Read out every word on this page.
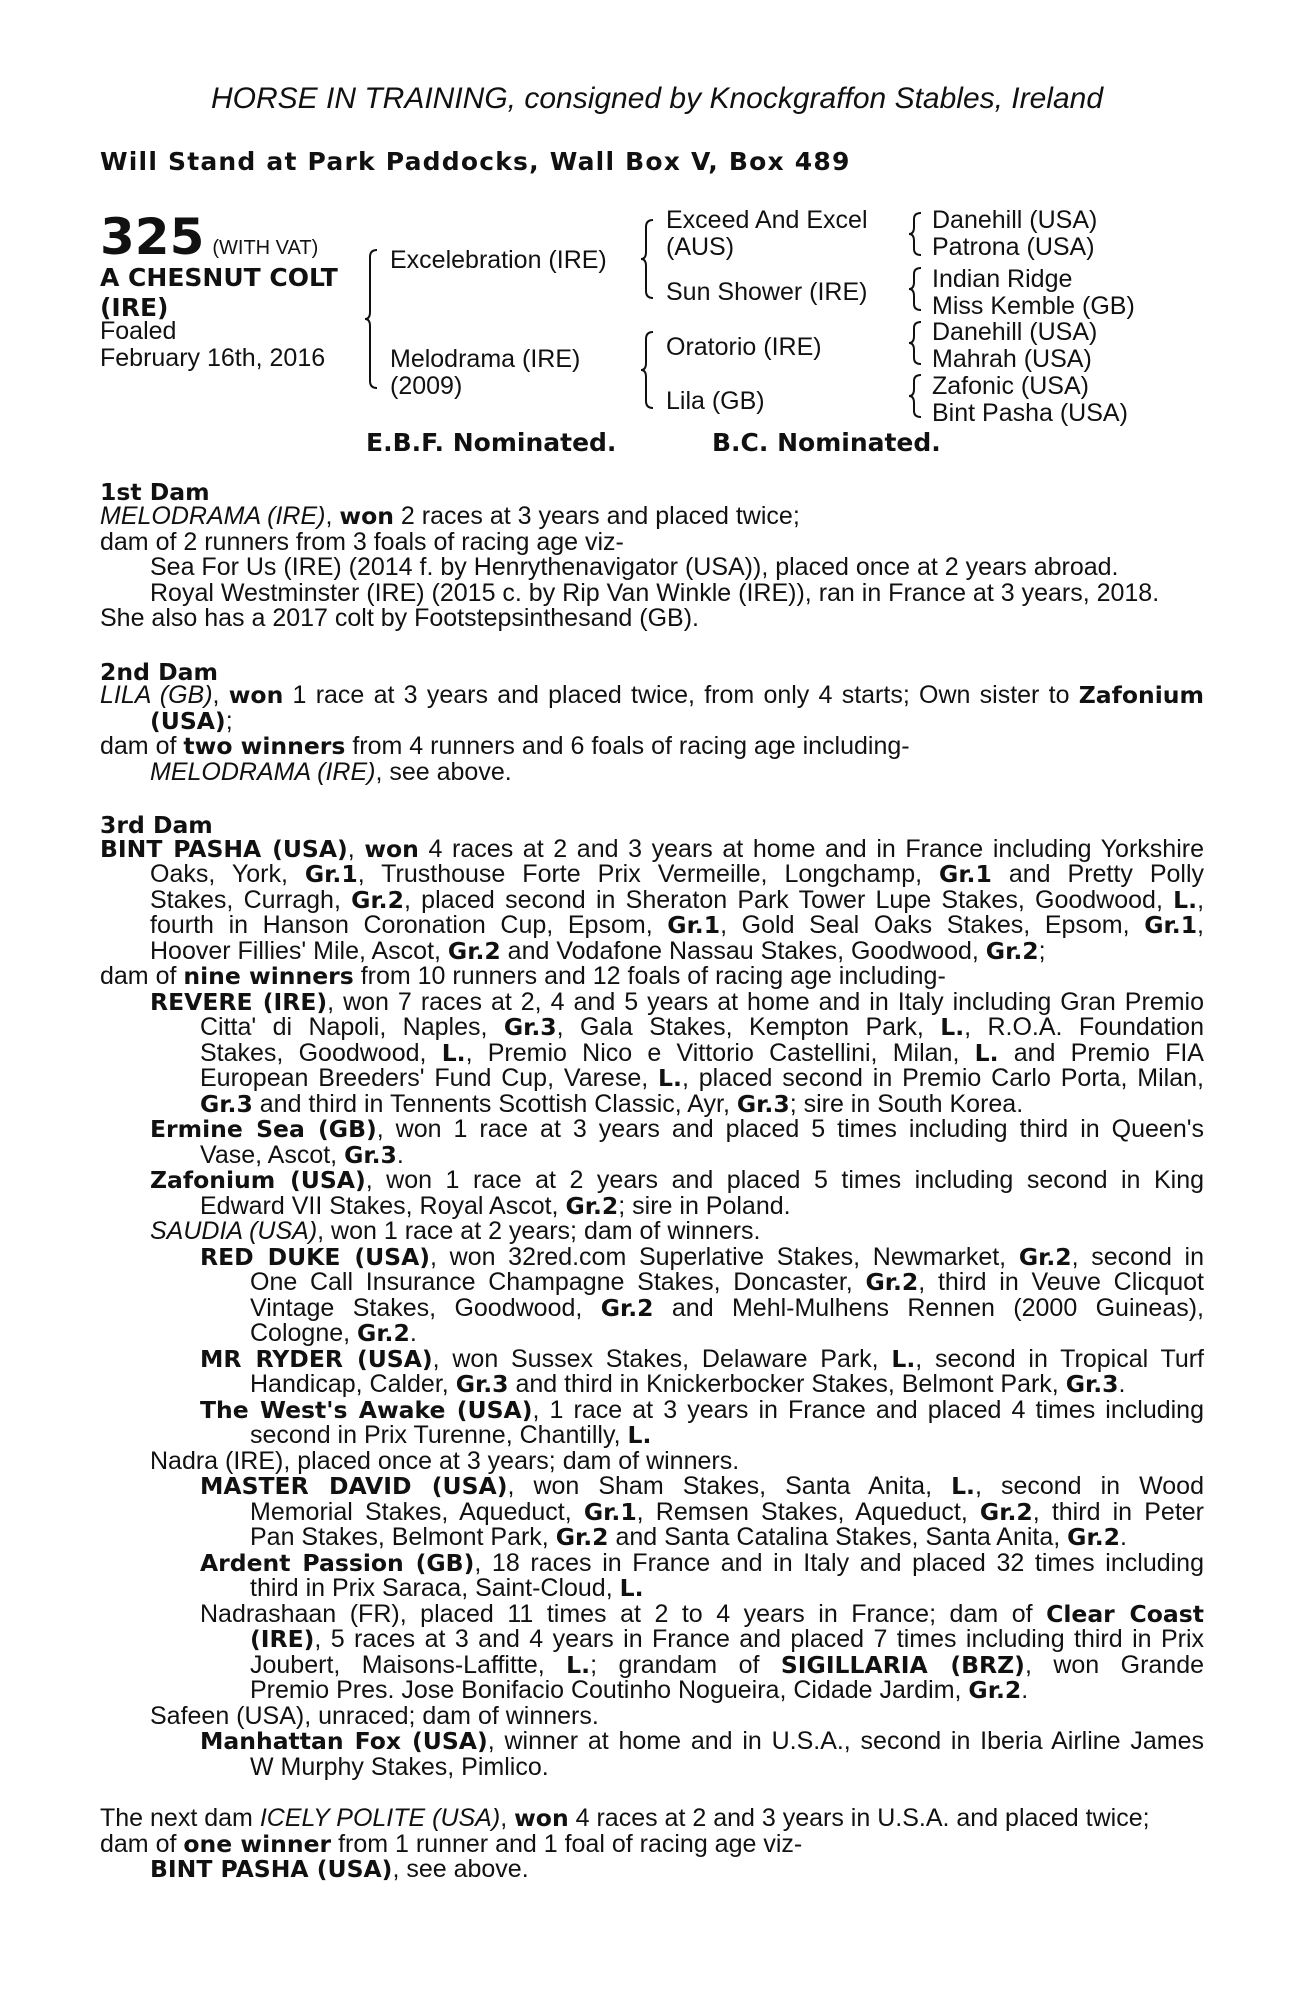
HORSE IN TRAINING, consigned by Knockgraffon Stables, Ireland
Will Stand at Park Paddocks, Wall Box V, Box 489
325 (WITH VAT)
A CHESNUT COLT
(IRE)
Foaled
February 16th, 2016
Excelebration (IRE)
Melodrama (IRE)
(2009)
Exceed And Excel
(AUS)
Sun Shower (IRE)
Oratorio (IRE)
Lila (GB)
Danehill (USA)
Patrona (USA)
Indian Ridge
Miss Kemble (GB)
Danehill (USA)
Mahrah (USA)
Zafonic (USA)
Bint Pasha (USA)
E.B.F. Nominated.	B.C. Nominated.
1st Dam
MELODRAMA (IRE), won 2 races at 3 years and placed twice;
dam of 2 runners from 3 foals of racing age viz-
Sea For Us (IRE) (2014 f. by Henrythenavigator (USA)), placed once at 2 years abroad.
Royal Westminster (IRE) (2015 c. by Rip Van Winkle (IRE)), ran in France at 3 years, 2018.
She also has a 2017 colt by Footstepsinthesand (GB).
2nd Dam
LILA (GB), won 1 race at 3 years and placed twice, from only 4 starts; Own sister to Zafonium
(USA);
dam of two winners from 4 runners and 6 foals of racing age including-
MELODRAMA (IRE), see above.
3rd Dam
BINT PASHA (USA), won 4 races at 2 and 3 years at home and in France including Yorkshire
Oaks, York, Gr.1, Trusthouse Forte Prix Vermeille, Longchamp, Gr.1 and Pretty Polly
Stakes, Curragh, Gr.2, placed second in Sheraton Park Tower Lupe Stakes, Goodwood, L.,
fourth in Hanson Coronation Cup, Epsom, Gr.1, Gold Seal Oaks Stakes, Epsom, Gr.1,
Hoover Fillies' Mile, Ascot, Gr.2 and Vodafone Nassau Stakes, Goodwood, Gr.2;
dam of nine winners from 10 runners and 12 foals of racing age including-
REVERE (IRE), won 7 races at 2, 4 and 5 years at home and in Italy including Gran Premio
Citta' di Napoli, Naples, Gr.3, Gala Stakes, Kempton Park, L., R.O.A. Foundation
Stakes, Goodwood, L., Premio Nico e Vittorio Castellini, Milan, L. and Premio FIA
European Breeders' Fund Cup, Varese, L., placed second in Premio Carlo Porta, Milan,
Gr.3 and third in Tennents Scottish Classic, Ayr, Gr.3; sire in South Korea.
Ermine Sea (GB), won 1 race at 3 years and placed 5 times including third in Queen's
Vase, Ascot, Gr.3.
Zafonium (USA), won 1 race at 2 years and placed 5 times including second in King
Edward VII Stakes, Royal Ascot, Gr.2; sire in Poland.
SAUDIA (USA), won 1 race at 2 years; dam of winners.
RED DUKE (USA), won 32red.com Superlative Stakes, Newmarket, Gr.2, second in
One Call Insurance Champagne Stakes, Doncaster, Gr.2, third in Veuve Clicquot
Vintage Stakes, Goodwood, Gr.2 and Mehl-Mulhens Rennen (2000 Guineas),
Cologne, Gr.2.
MR RYDER (USA), won Sussex Stakes, Delaware Park, L., second in Tropical Turf
Handicap, Calder, Gr.3 and third in Knickerbocker Stakes, Belmont Park, Gr.3.
The West's Awake (USA), 1 race at 3 years in France and placed 4 times including
second in Prix Turenne, Chantilly, L.
Nadra (IRE), placed once at 3 years; dam of winners.
MASTER DAVID (USA), won Sham Stakes, Santa Anita, L., second in Wood
Memorial Stakes, Aqueduct, Gr.1, Remsen Stakes, Aqueduct, Gr.2, third in Peter
Pan Stakes, Belmont Park, Gr.2 and Santa Catalina Stakes, Santa Anita, Gr.2.
Ardent Passion (GB), 18 races in France and in Italy and placed 32 times including
third in Prix Saraca, Saint-Cloud, L.
Nadrashaan (FR), placed 11 times at 2 to 4 years in France; dam of Clear Coast
(IRE), 5 races at 3 and 4 years in France and placed 7 times including third in Prix
Joubert, Maisons-Laffitte, L.; grandam of SIGILLARIA (BRZ), won Grande
Premio Pres. Jose Bonifacio Coutinho Nogueira, Cidade Jardim, Gr.2.
Safeen (USA), unraced; dam of winners.
Manhattan Fox (USA), winner at home and in U.S.A., second in Iberia Airline James
W Murphy Stakes, Pimlico.
The next dam ICELY POLITE (USA), won 4 races at 2 and 3 years in U.S.A. and placed twice;
dam of one winner from 1 runner and 1 foal of racing age viz-
BINT PASHA (USA), see above.
